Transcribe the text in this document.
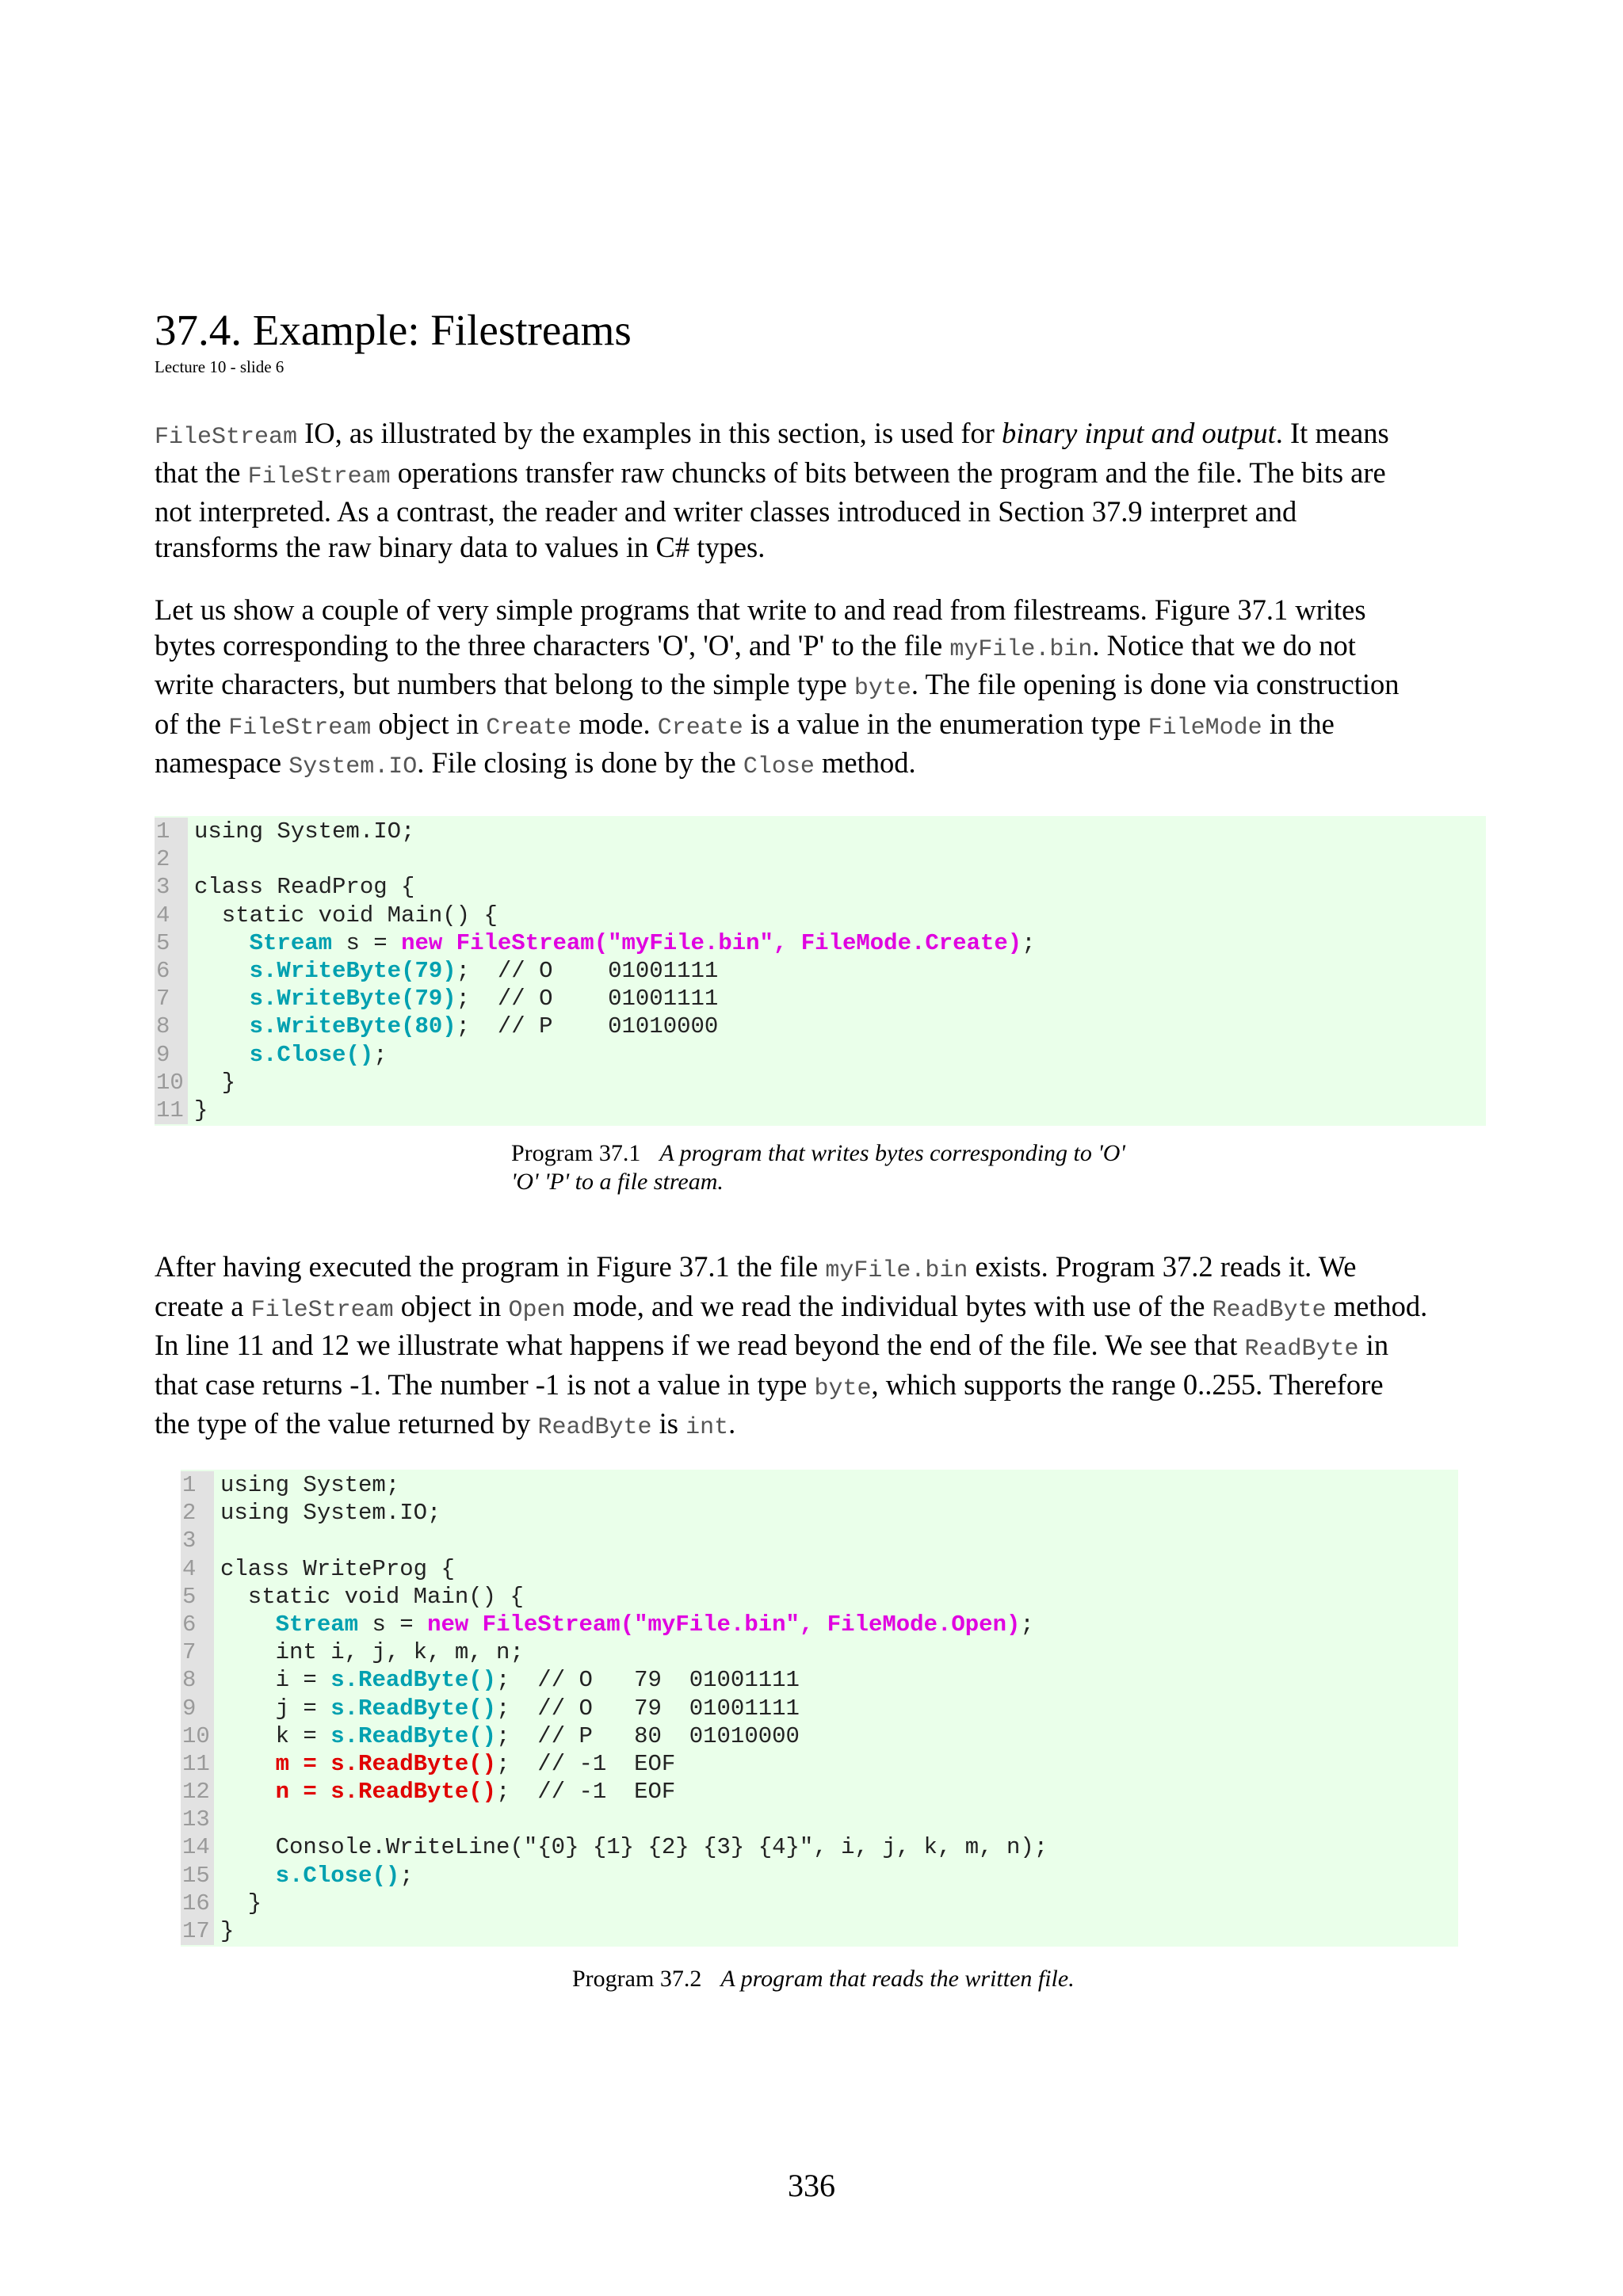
37.4. Example: Filestreams
Lecture 10 - slide 6

FileStream IO, as illustrated by the examples in this section, is used for binary input and output. It means

that the FileStream operations transfer raw chuncks of bits between the program and the file. The bits are

not interpreted. As a contrast, the reader and writer classes introduced in Section 37.9 interpret and

transforms the raw binary data to values in C# types.

Let us show a couple of very simple programs that write to and read from filestreams. Figure 37.1 writes

bytes corresponding to the three characters 'O', 'O', and 'P' to the file myFile.bin. Notice that we do not

write characters, but numbers that belong to the simple type byte. The file opening is done via construction

of the FileStream object in Create mode. Create is a value in the enumeration type FileMode in the

namespace System.IO. File closing is done by the Close method.

1	using System.IO;
2
3	class ReadProg {
4	static void Main() {
5	Stream s = new FileStream("myFile.bin", FileMode.Create);
6	s.WriteByte(79);  // O    01001111
7	s.WriteByte(79);  // O    01001111
8	s.WriteByte(80);  // P    01010000
9	s.Close();
10 }
11 }
Program 37.1 A program that writes bytes corresponding to 'O'
'O' 'P' to a file stream.

After having executed the program in Figure 37.1 the file myFile.bin exists. Program 37.2 reads it. We

create a FileStream object in Open mode, and we read the individual bytes with use of the ReadByte method.

In line 11 and 12 we illustrate what happens if we read beyond the end of the file. We see that ReadByte in

that case returns -1. The number -1 is not a value in type byte, which supports the range 0..255. Therefore

the type of the value returned by ReadByte is int.

1	using System;
2	using System.IO;
3
4	class WriteProg {
5	static void Main() {
6	Stream s = new FileStream("myFile.bin", FileMode.Open);
7	int i, j, k, m, n;
8	i = s.ReadByte();  // O   79  01001111
9	j = s.ReadByte();  // O   79  01001111
10 k = s.ReadByte();  // P   80  01010000
11	m = s.ReadByte();  // -1  EOF
12	n = s.ReadByte();  // -1  EOF
13
14 Console.WriteLine("{0} {1} {2} {3} {4}", i, j, k, m, n);
15	s.Close();
16 }
17 }
Program 37.2 A program that reads the written file.
336
